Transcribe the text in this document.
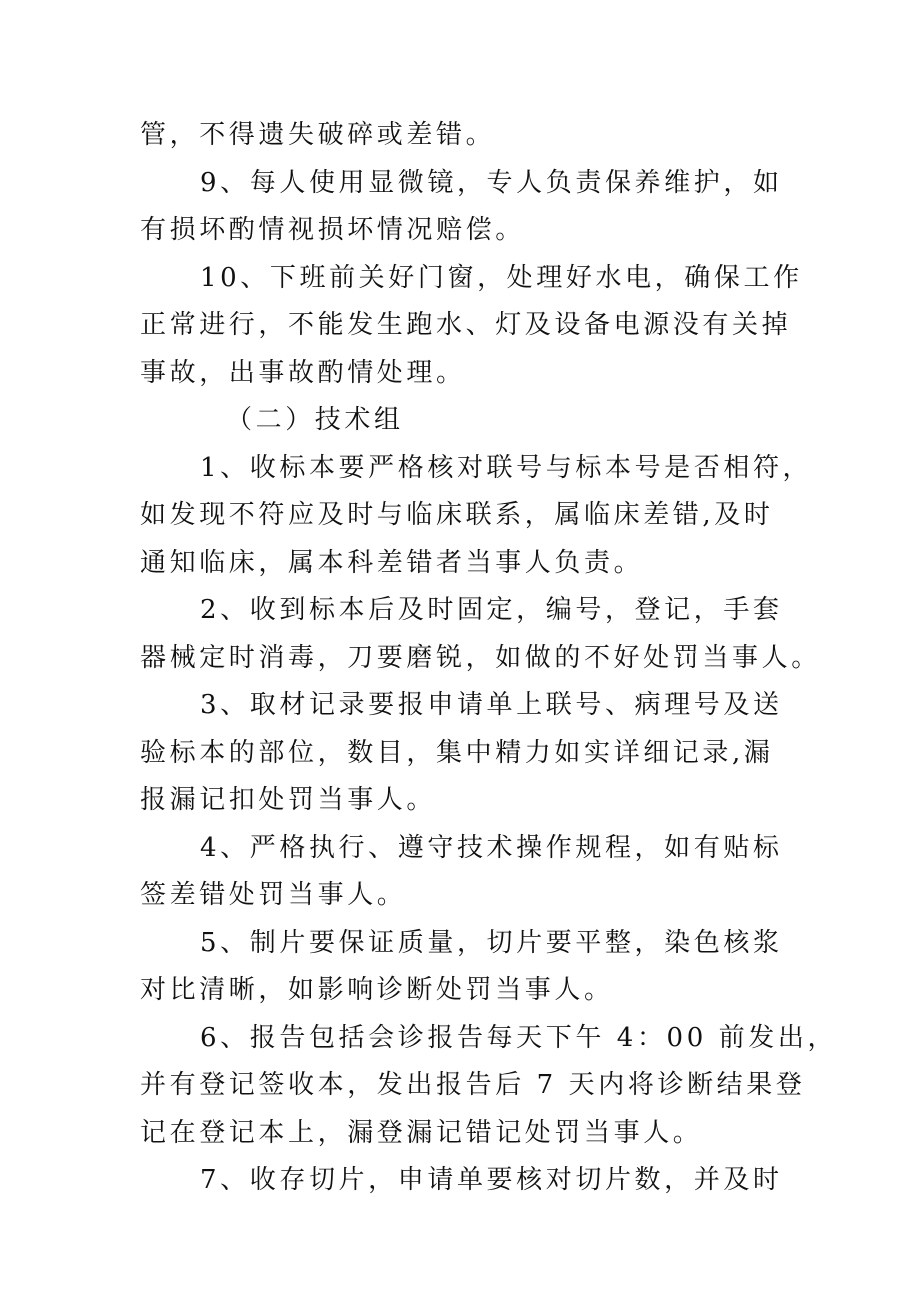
管，不得遗失破碎或差错。
9、每人使用显微镜，专人负责保养维护，如
有损坏酌情视损坏情况赔偿。
10、下班前关好门窗，处理好水电，确保工作
正常进行，不能发生跑水、灯及设备电源没有关掉
事故，出事故酌情处理。
（二）技术组
1、收标本要严格核对联号与标本号是否相符，
如发现不符应及时与临床联系，属临床差错,及时
通知临床，属本科差错者当事人负责。
2、收到标本后及时固定，编号，登记，手套
器械定时消毒，刀要磨锐，如做的不好处罚当事人。
3、取材记录要报申请单上联号、病理号及送
验标本的部位，数目，集中精力如实详细记录,漏
报漏记扣处罚当事人。
4、严格执行、遵守技术操作规程，如有贴标
签差错处罚当事人。
5、制片要保证质量，切片要平整，染色核浆
对比清晰，如影响诊断处罚当事人。
6、报告包括会诊报告每天下午 4：00 前发出，
并有登记签收本，发出报告后 7 天内将诊断结果登
记在登记本上，漏登漏记错记处罚当事人。
7、收存切片，申请单要核对切片数，并及时
